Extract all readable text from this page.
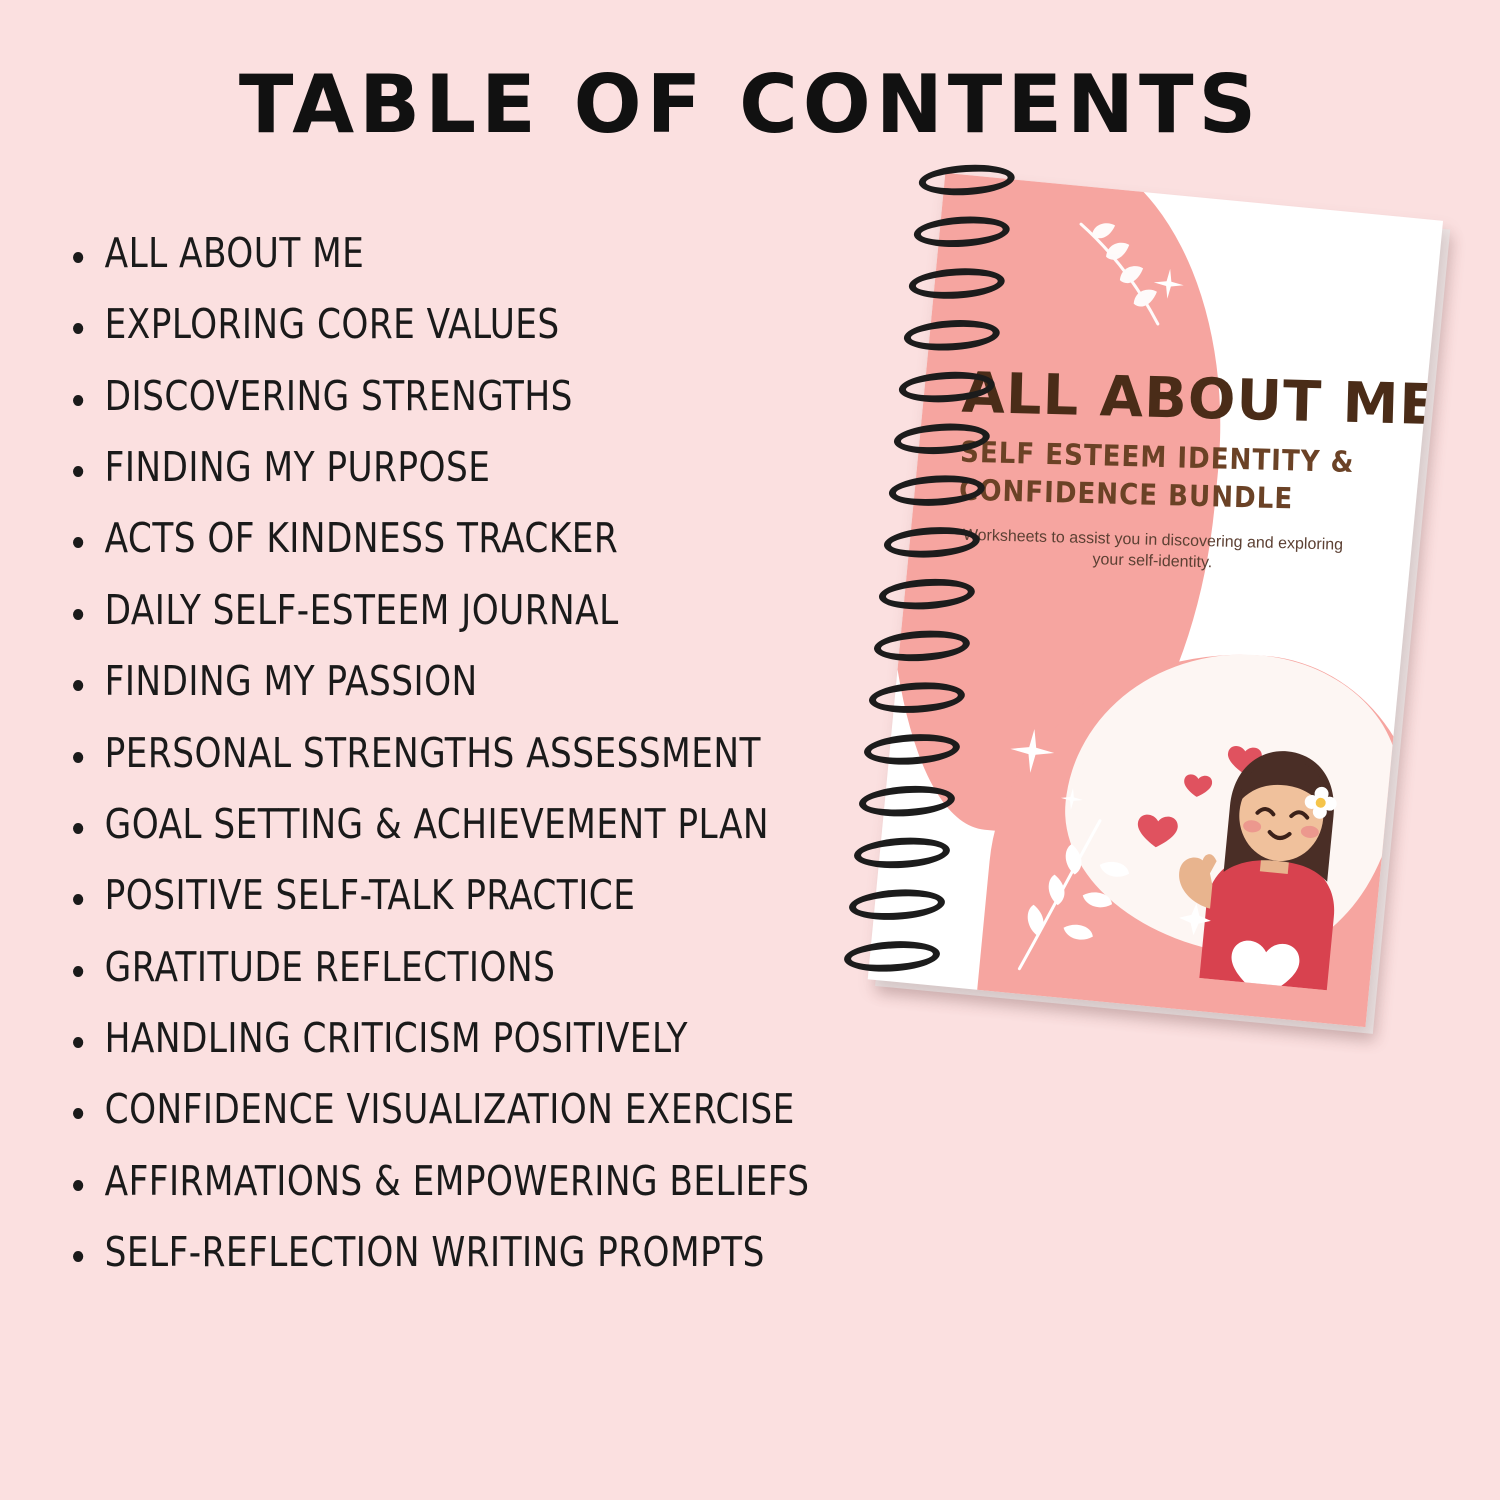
TABLE OF CONTENTS
ALL ABOUT ME
EXPLORING CORE VALUES
DISCOVERING STRENGTHS
FINDING MY PURPOSE
ACTS OF KINDNESS TRACKER
DAILY SELF-ESTEEM JOURNAL
FINDING MY PASSION
PERSONAL STRENGTHS ASSESSMENT
GOAL SETTING & ACHIEVEMENT PLAN
POSITIVE SELF-TALK PRACTICE
GRATITUDE REFLECTIONS
HANDLING CRITICISM POSITIVELY
CONFIDENCE VISUALIZATION EXERCISE
AFFIRMATIONS & EMPOWERING BELIEFS
SELF-REFLECTION WRITING PROMPTS
ALL ABOUT ME
SELF ESTEEM IDENTITY &
CONFIDENCE BUNDLE
Worksheets to assist you in discovering and exploring your self-identity.
